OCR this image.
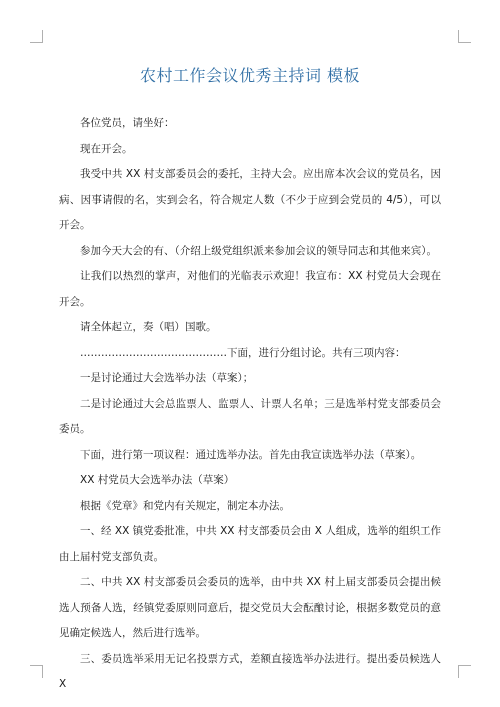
农村工作会议优秀主持词 模板

各位党员，请坐好：

现在开会。

我受中共 XX 村支部委员会的委托，主持大会。应出席本次会议的党员名，因病、因事请假的名，实到会名，符合规定人数（不少于应到会党员的 4/5），可以开会。

参加今天大会的有、（介绍上级党组织派来参加会议的领导同志和其他来宾）。

让我们以热烈的掌声，对他们的光临表示欢迎！我宣布：XX 村党员大会现在开会。

请全体起立，奏（唱）国歌。

……………………………………下面，进行分组讨论。共有三项内容：

一是讨论通过大会选举办法（草案）；

二是讨论通过大会总监票人、监票人、计票人名单；三是选举村党支部委员会委员。

下面，进行第一项议程：通过选举办法。首先由我宣读选举办法（草案）。

XX 村党员大会选举办法（草案）

根据《党章》和党内有关规定，制定本办法。

一、经 XX 镇党委批准，中共 XX 村支部委员会由 X 人组成，选举的组织工作由上届村党支部负责。

二、中共 XX 村支部委员会委员的选举，由中共 XX 村上届支部委员会提出候选人预备人选，经镇党委原则同意后，提交党员大会酝酿讨论，根据多数党员的意见确定候选人，然后进行选举。

三、委员选举采用无记名投票方式，差额直接选举办法进行。提出委员候选人 X
